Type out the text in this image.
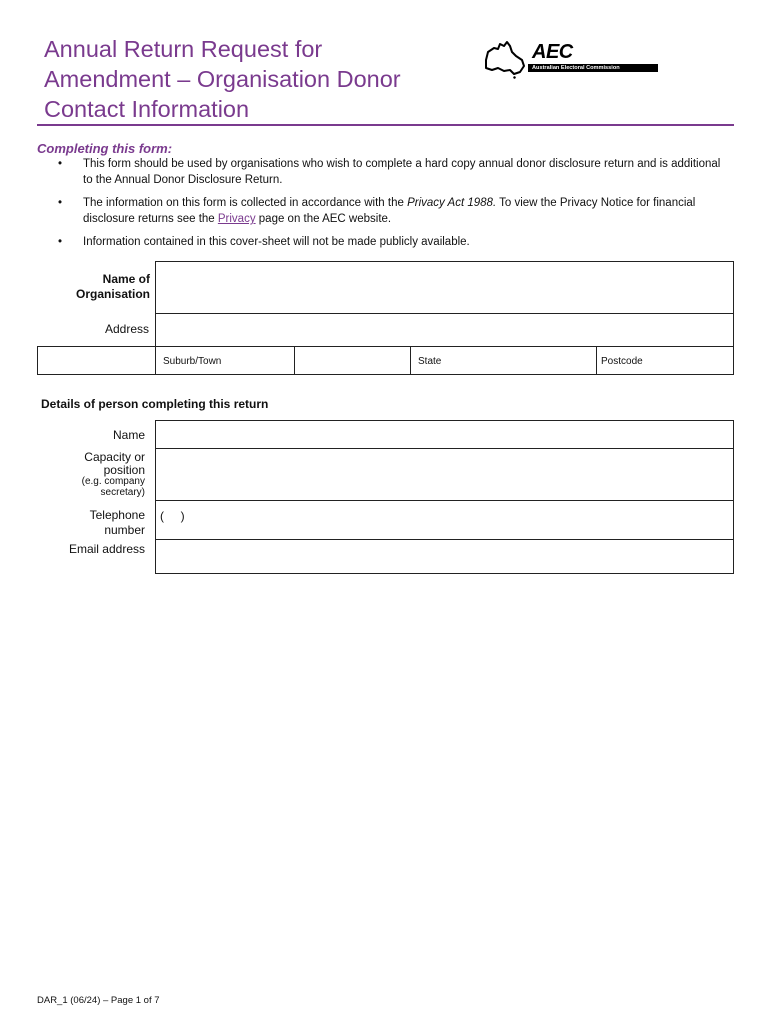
Annual Return Request for
Amendment – Organisation Donor
Contact Information
AEC
Australian Electoral Commission
Completing this form:
• This form should be used by organisations who wish to complete a hard copy annual donor disclosure return and is additional to the Annual Donor Disclosure Return.
• The information on this form is collected in accordance with the Privacy Act 1988. To view the Privacy Notice for financial disclosure returns see the Privacy page on the AEC website.
• Information contained in this cover-sheet will not be made publicly available.
Name of Organisation
Address
Suburb/Town	State	Postcode
Details of person completing this return
Name
Capacity or
position
(e.g. company
secretary)
Telephone
number
(     )
Email address
DAR_1 (06/24) – Page 1 of 7
